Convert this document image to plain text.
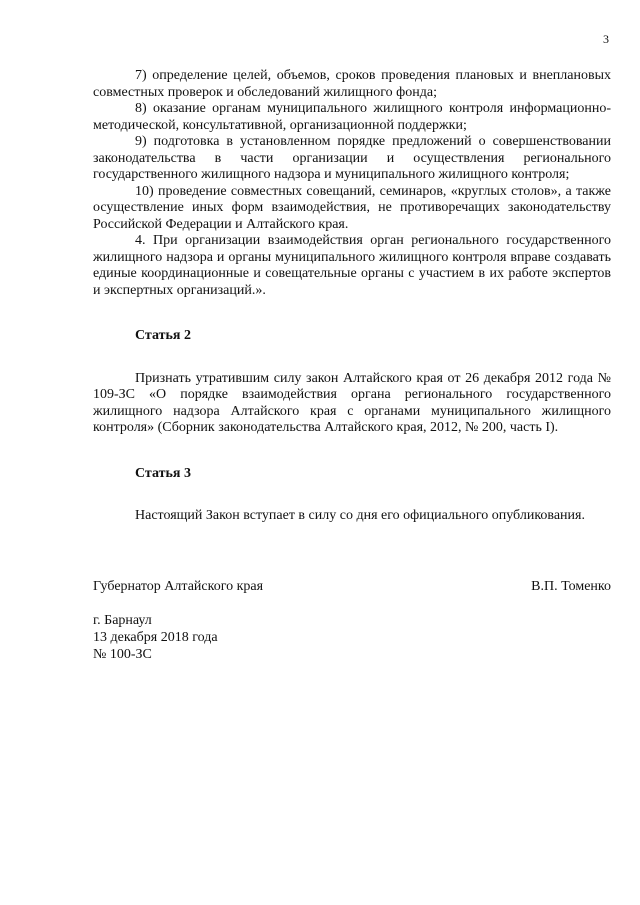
3

7) определение целей, объемов, сроков проведения плановых и внеплановых совместных проверок и обследований жилищного фонда;

8) оказание органам муниципального жилищного контроля информационно-методической, консультативной, организационной поддержки;

9) подготовка в установленном порядке предложений о совершенствовании законодательства в части организации и осуществления регионального государственного жилищного надзора и муниципального жилищного контроля;

10) проведение совместных совещаний, семинаров, «круглых столов», а также осуществление иных форм взаимодействия, не противоречащих законодательству Российской Федерации и Алтайского края.

4. При организации взаимодействия орган регионального государственного жилищного надзора и органы муниципального жилищного контроля вправе создавать единые координационные и совещательные органы с участием в их работе экспертов и экспертных организаций.».

Статья 2

Признать утратившим силу закон Алтайского края от 26 декабря 2012 года № 109-ЗС «О порядке взаимодействия органа регионального государственного жилищного надзора Алтайского края с органами муниципального жилищного контроля» (Сборник законодательства Алтайского края, 2012, № 200, часть I).

Статья 3

Настоящий Закон вступает в силу со дня его официального опубликования.

Губернатор Алтайского края	В.П. Томенко
г. Барнаул
13 декабря 2018 года
№ 100-ЗС
